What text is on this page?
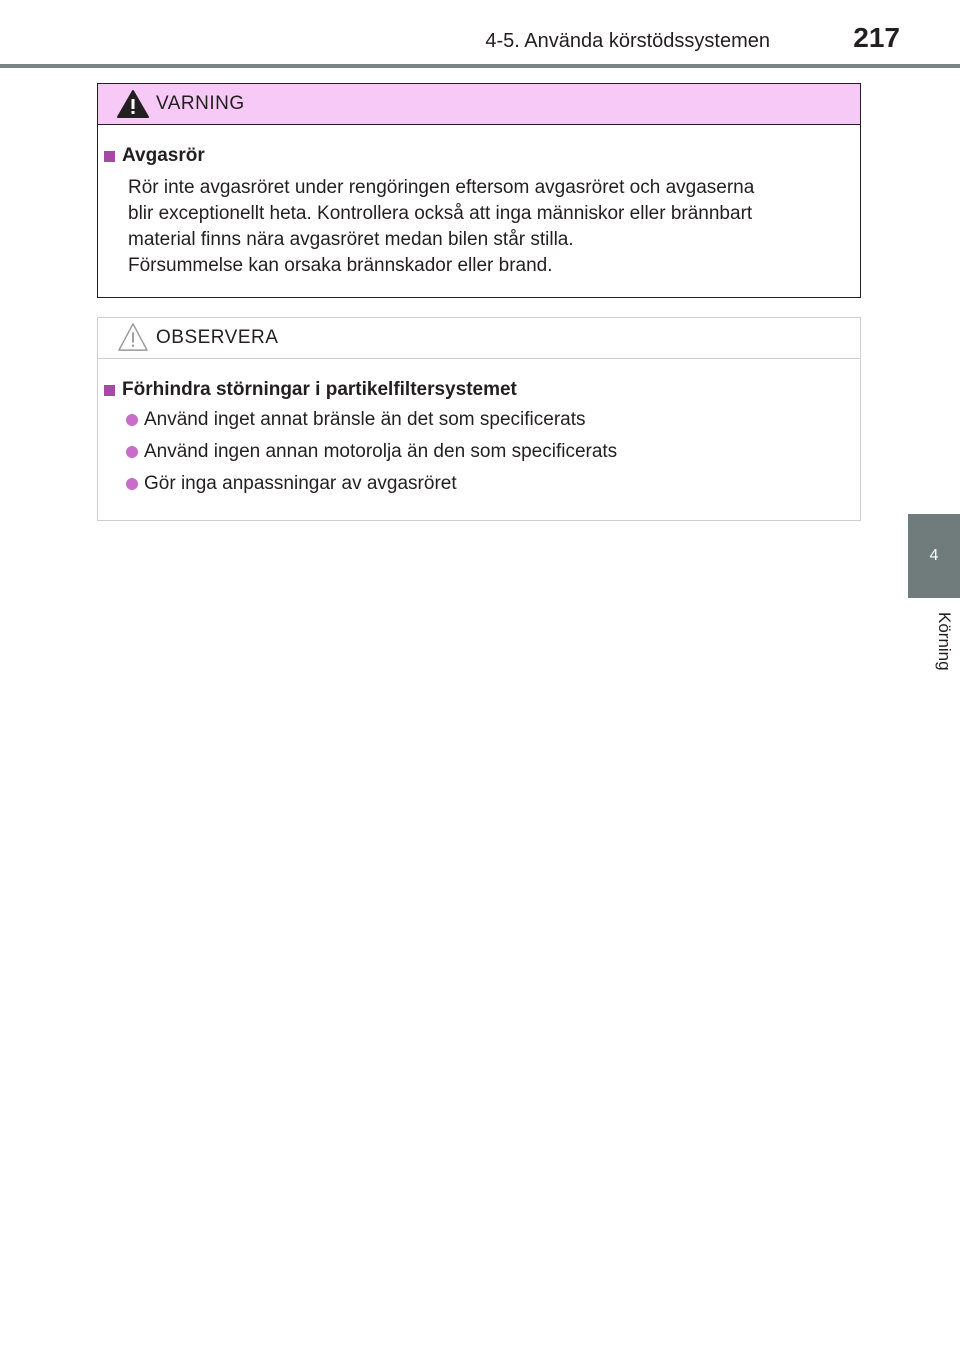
4-5. Använda körstödssystemen	217
4
Körning
VARNING
Avgasrör
Rör inte avgasröret under rengöringen eftersom avgasröret och avgaserna
blir exceptionellt heta. Kontrollera också att inga människor eller brännbart
material finns nära avgasröret medan bilen står stilla.
Försummelse kan orsaka brännskador eller brand.
OBSERVERA
Förhindra störningar i partikelfiltersystemet
Använd inget annat bränsle än det som specificerats
Använd ingen annan motorolja än den som specificerats
Gör inga anpassningar av avgasröret
